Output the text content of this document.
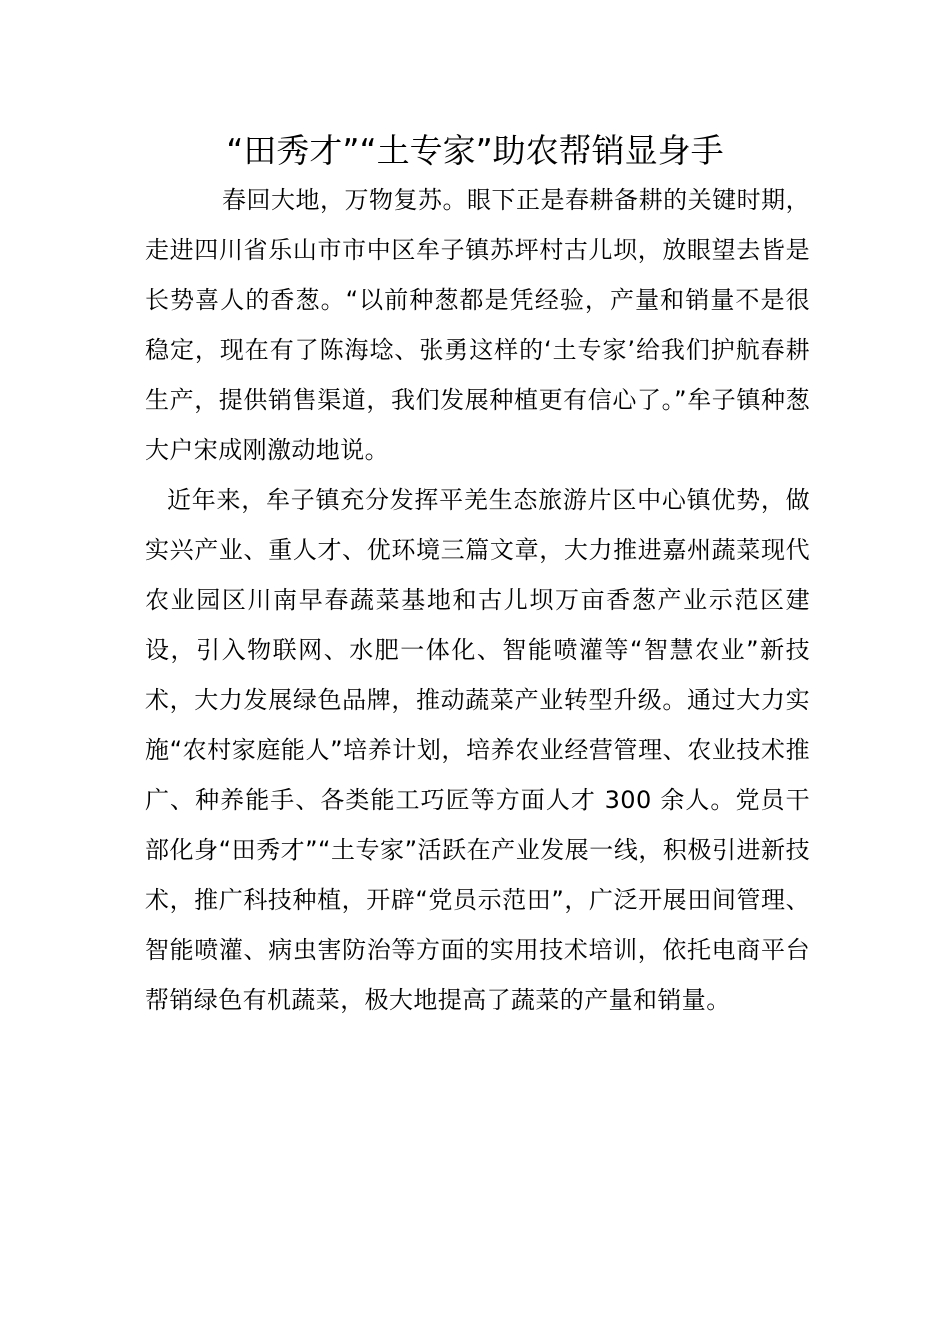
“田秀才”“土专家”助农帮销显身手

春回大地，万物复苏。眼下正是春耕备耕的关键时期，走进四川省乐山市市中区牟子镇苏坪村古儿坝，放眼望去皆是长势喜人的香葱。“以前种葱都是凭经验，产量和销量不是很稳定，现在有了陈海埝、张勇这样的‘土专家’给我们护航春耕生产，提供销售渠道，我们发展种植更有信心了。”牟子镇种葱大户宋成刚激动地说。

近年来，牟子镇充分发挥平羌生态旅游片区中心镇优势，做实兴产业、重人才、优环境三篇文章，大力推进嘉州蔬菜现代农业园区川南早春蔬菜基地和古儿坝万亩香葱产业示范区建设，引入物联网、水肥一体化、智能喷灌等“智慧农业”新技术，大力发展绿色品牌，推动蔬菜产业转型升级。通过大力实施“农村家庭能人”培养计划，培养农业经营管理、农业技术推广、种养能手、各类能工巧匠等方面人才 300 余人。党员干部化身“田秀才”“土专家”活跃在产业发展一线，积极引进新技术，推广科技种植，开辟“党员示范田”，广泛开展田间管理、智能喷灌、病虫害防治等方面的实用技术培训，依托电商平台帮销绿色有机蔬菜，极大地提高了蔬菜的产量和销量。
